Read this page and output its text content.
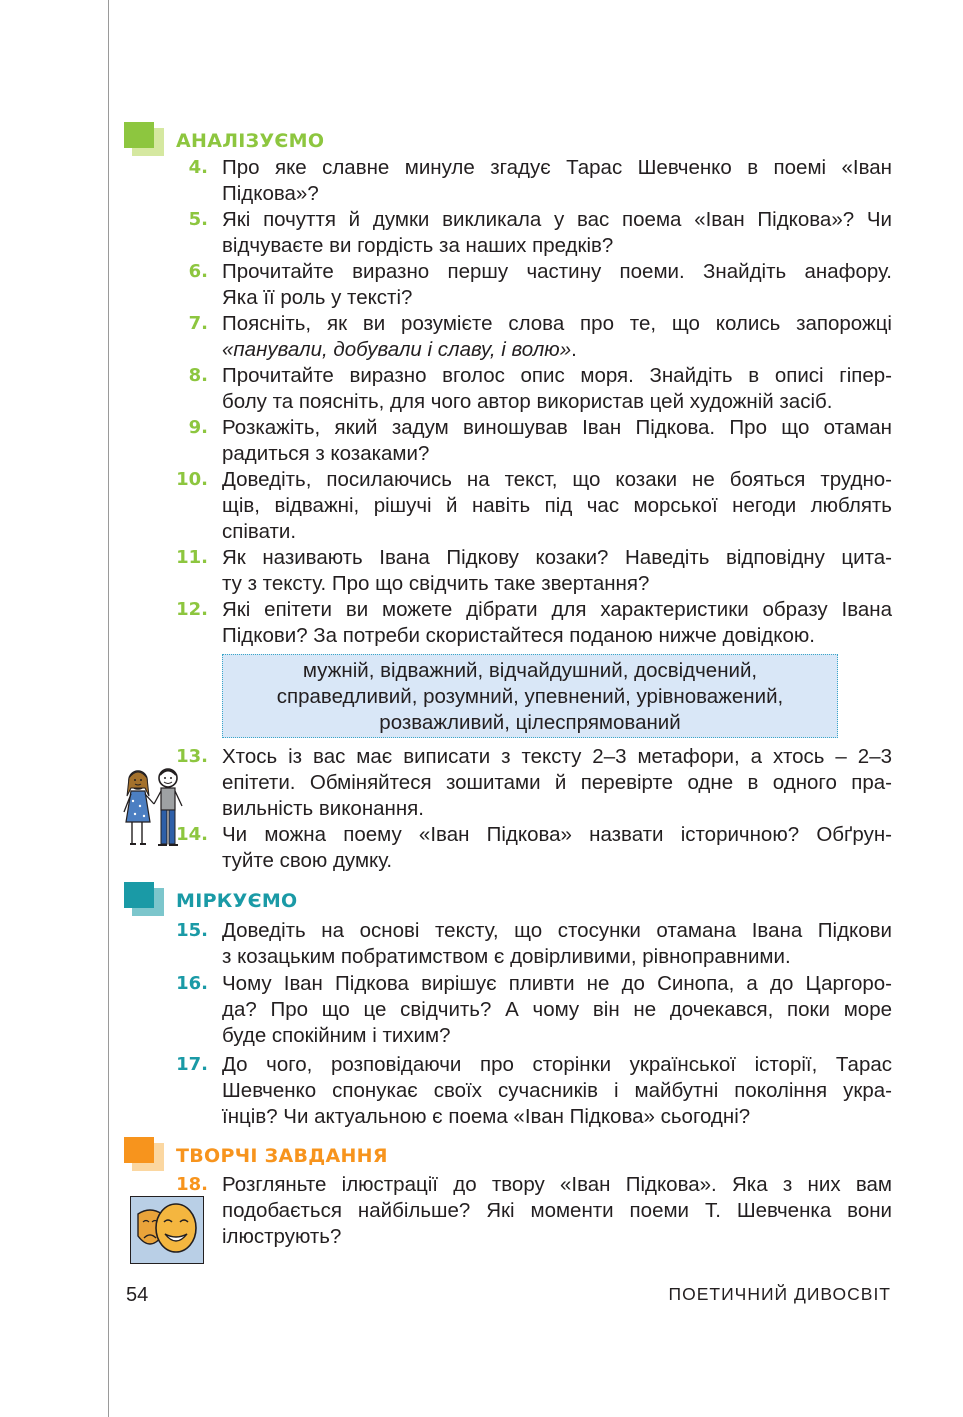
АНАЛІЗУЄМО
4. Про яке славне минуле згадує Тарас Шевченко в поемі «Іван
Підкова»?

5. Які почуття й думки викликала у вас поема «Іван Підкова»? Чи
відчуваєте ви гордість за наших предків?

6. Прочитайте виразно першу частину поеми. Знайдіть анафору.
Яка її роль у тексті?

7. Поясніть, як ви розумієте слова про те, що колись запорожці
«панували, добували і славу, і волю».

8. Прочитайте виразно вголос опис моря. Знайдіть в описі гіпер-
болу та поясніть, для чого автор використав цей художній засіб.

9. Розкажіть, який задум виношував Іван Підкова. Про що отаман
радиться з козаками?

10. Доведіть, посилаючись на текст, що козаки не бояться трудно-
щів, відважні, рішучі й навіть під час морської негоди люблять
співати.

11. Як називають Івана Підкову козаки? Наведіть відповідну цита-
ту з тексту. Про що свідчить таке звертання?

12. Які епітети ви можете дібрати для характеристики образу Івана
Підкови? За потреби скористайтеся поданою нижче довідкою.

мужній, відважний, відчайдушний, досвідчений,
справедливий, розумний, упевнений, урівноважений,
розважливий, цілеспрямований
13. Хтось із вас має виписати з тексту 2–3 метафори, а хтось – 2–3
епітети. Обміняйтеся зошитами й перевірте одне в одного пра-
вильність виконання.

14. Чи можна поему «Іван Підкова» назвати історичною? Обґрун-
туйте свою думку.

МІРКУЄМО
15. Доведіть на основі тексту, що стосунки отамана Івана Підкови
з козацьким побратимством є довірливими, рівноправними.

16. Чому Іван Підкова вирішує пливти не до Синопа, а до Царгоро-
да? Про що це свідчить? А чому він не дочекався, поки море
буде спокійним і тихим?

17. До чого, розповідаючи про сторінки української історії, Тарас
Шевченко спонукає своїх сучасників і майбутні покоління укра-
їнців? Чи актуальною є поема «Іван Підкова» сьогодні?

ТВОРЧІ ЗАВДАННЯ
18. Розгляньте ілюстрації до твору «Іван Підкова». Яка з них вам
подобається найбільше? Які моменти поеми Т. Шевченка вони
ілюструють?

54	ПОЕТИЧНИЙ ДИВОСВІТ
